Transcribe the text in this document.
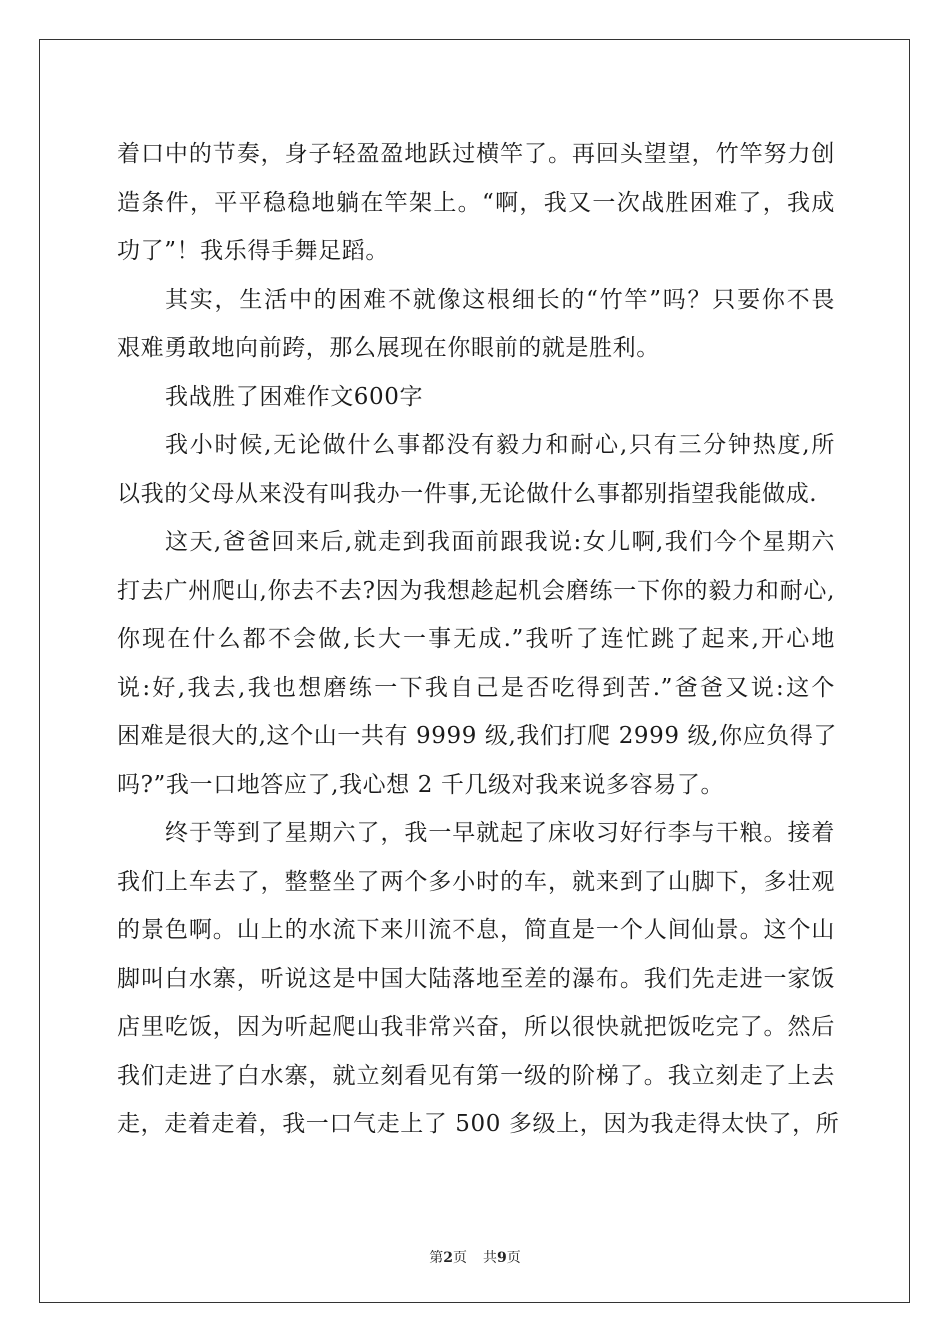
着口中的节奏，身子轻盈盈地跃过横竿了。再回头望望，竹竿努力创
造条件，平平稳稳地躺在竿架上。“啊，我又一次战胜困难了，我成
功了”！我乐得手舞足蹈。
其实，生活中的困难不就像这根细长的“竹竿”吗？只要你不畏
艰难勇敢地向前跨，那么展现在你眼前的就是胜利。
我战胜了困难作文600字
我小时候,无论做什么事都没有毅力和耐心,只有三分钟热度,所
以我的父母从来没有叫我办一件事,无论做什么事都别指望我能做成.
这天,爸爸回来后,就走到我面前跟我说:女儿啊,我们今个星期六
打去广州爬山,你去不去?因为我想趁起机会磨练一下你的毅力和耐心,
你现在什么都不会做,长大一事无成.”我听了连忙跳了起来,开心地
说:好,我去,我也想磨练一下我自己是否吃得到苦.”爸爸又说:这个
困难是很大的,这个山一共有 9999 级,我们打爬 2999 级,你应负得了
吗?”我一口地答应了,我心想 2 千几级对我来说多容易了。
终于等到了星期六了，我一早就起了床收习好行李与干粮。接着
我们上车去了，整整坐了两个多小时的车，就来到了山脚下，多壮观
的景色啊。山上的水流下来川流不息，简直是一个人间仙景。这个山
脚叫白水寨，听说这是中国大陆落地至差的瀑布。我们先走进一家饭
店里吃饭，因为听起爬山我非常兴奋，所以很快就把饭吃完了。然后
我们走进了白水寨，就立刻看见有第一级的阶梯了。我立刻走了上去
走，走着走着，我一口气走上了 500 多级上，因为我走得太快了，所
第2页 共9页
